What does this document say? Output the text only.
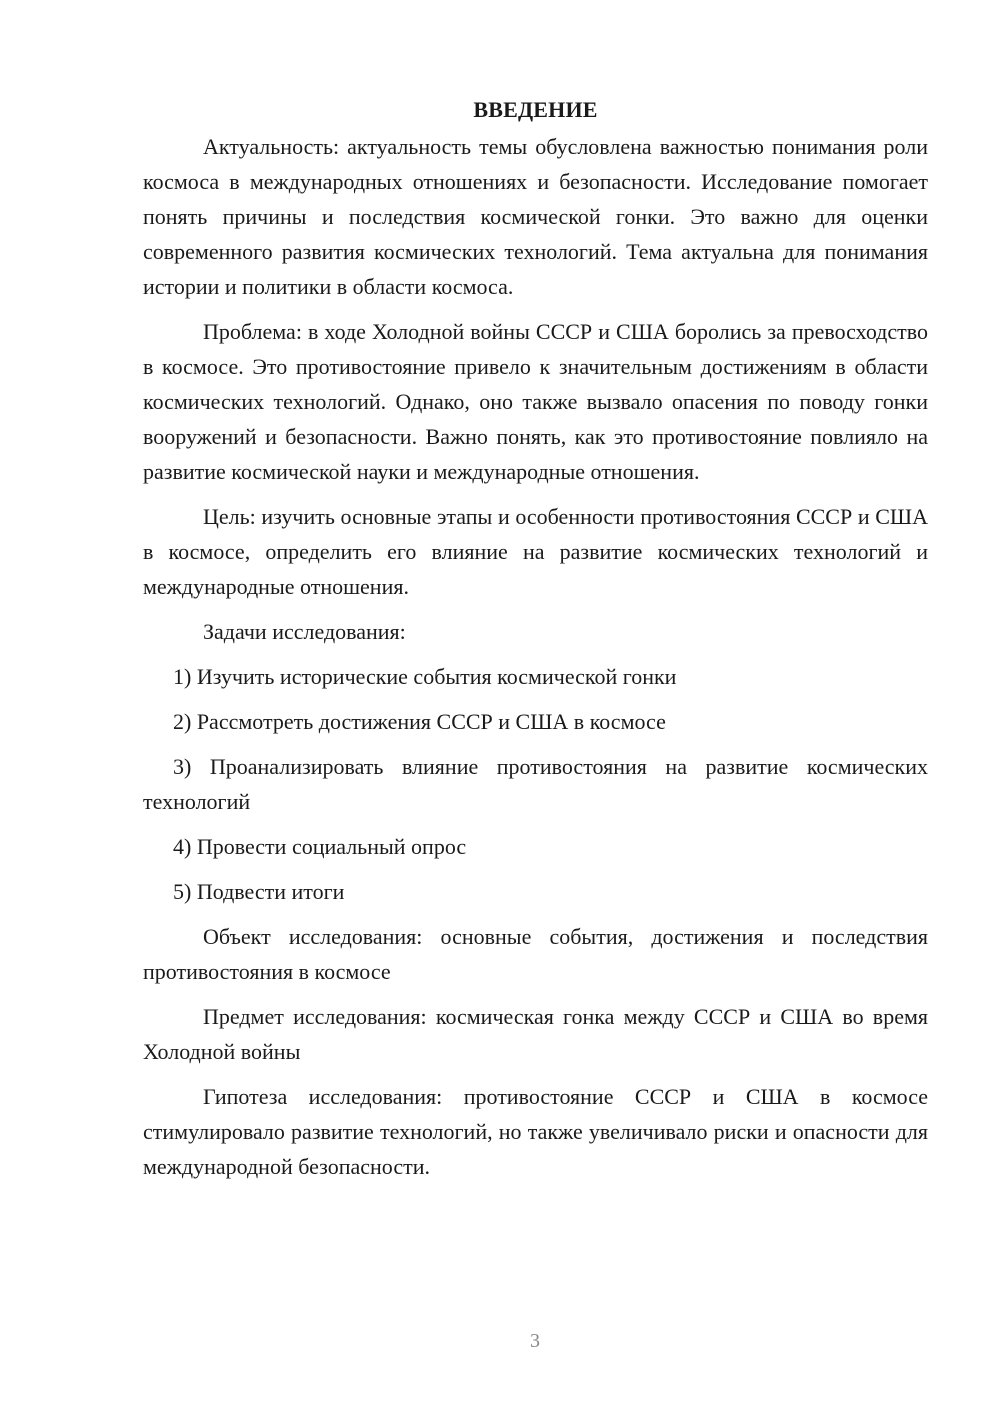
ВВЕДЕНИЕ

Актуальность: актуальность темы обусловлена важностью понимания роли космоса в международных отношениях и безопасности. Исследование помогает понять причины и последствия космической гонки. Это важно для оценки современного развития космических технологий. Тема актуальна для понимания истории и политики в области космоса.

Проблема: в ходе Холодной войны СССР и США боролись за превосходство в космосе. Это противостояние привело к значительным достижениям в области космических технологий. Однако, оно также вызвало опасения по поводу гонки вооружений и безопасности. Важно понять, как это противостояние повлияло на развитие космической науки и международные отношения.

Цель: изучить основные этапы и особенности противостояния СССР и США в космосе, определить его влияние на развитие космических технологий и международные отношения.

Задачи исследования:

1) Изучить исторические события космической гонки

2) Рассмотреть достижения СССР и США в космосе

3) Проанализировать влияние противостояния на развитие космических технологий

4) Провести социальный опрос

5) Подвести итоги

Объект исследования: основные события, достижения и последствия противостояния в космосе

Предмет исследования: космическая гонка между СССР и США во время Холодной войны

Гипотеза исследования: противостояние СССР и США в космосе стимулировало развитие технологий, но также увеличивало риски и опасности для международной безопасности.

3
